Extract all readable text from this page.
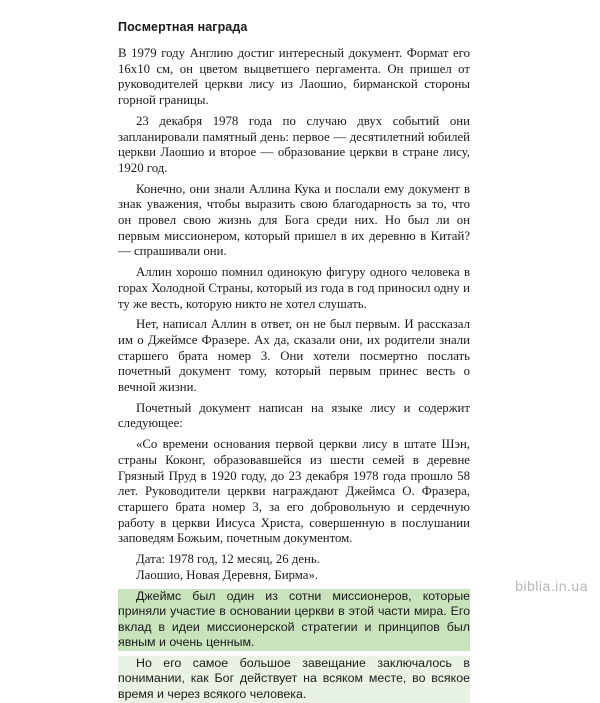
Посмертная награда

В 1979 году Англию достиг интересный документ. Формат его 16x10 см, он цветом выцветшего пергамента. Он пришел от руководителей церкви лису из Лаошио, бирманской стороны горной границы.

23 декабря 1978 года по случаю двух событий они запланировали памятный день: первое — десятилетний юбилей церкви Лаошио и второе — образование церкви в стране лису, 1920 год.

Конечно, они знали Аллина Кука и послали ему документ в знак уважения, чтобы выразить свою благодарность за то, что он провел свою жизнь для Бога среди них. Но был ли он первым миссионером, который пришел в их деревню в Китай? — спрашивали они.

Аллин хорошо помнил одинокую фигуру одного человека в горах Холодной Страны, который из года в год приносил одну и ту же весть, которую никто не хотел слушать.

Нет, написал Аллин в ответ, он не был первым. И рассказал им о Джеймсе Фразере. Ах да, сказали они, их родители знали старшего брата номер 3. Они хотели посмертно послать почетный документ тому, который первым принес весть о вечной жизни.

Почетный документ написан на языке лису и содержит следующее:

«Со времени основания первой церкви лису в штате Шэн, страны Коконг, образовавшейся из шести семей в деревне Грязный Пруд в 1920 году, до 23 декабря 1978 года прошло 58 лет. Руководители церкви награждают Джеймса О. Фразера, старшего брата номер 3, за его добровольную и сердечную работу в церкви Иисуса Христа, совершенную в послушании заповедям Божьим, почетным документом.

Дата: 1978 год, 12 месяц, 26 день.

Лаошио, Новая Деревня, Бирма».

Джеймс был один из сотни миссионеров, которые приняли участие в основании церкви в этой части мира. Его вклад в идеи миссионерской стратегии и принципов был явным и очень ценным.

Но его самое большое завещание заключалось в понимании, как Бог действует на всяком месте, во всякое время и через всякого человека.

biblia.in.ua
